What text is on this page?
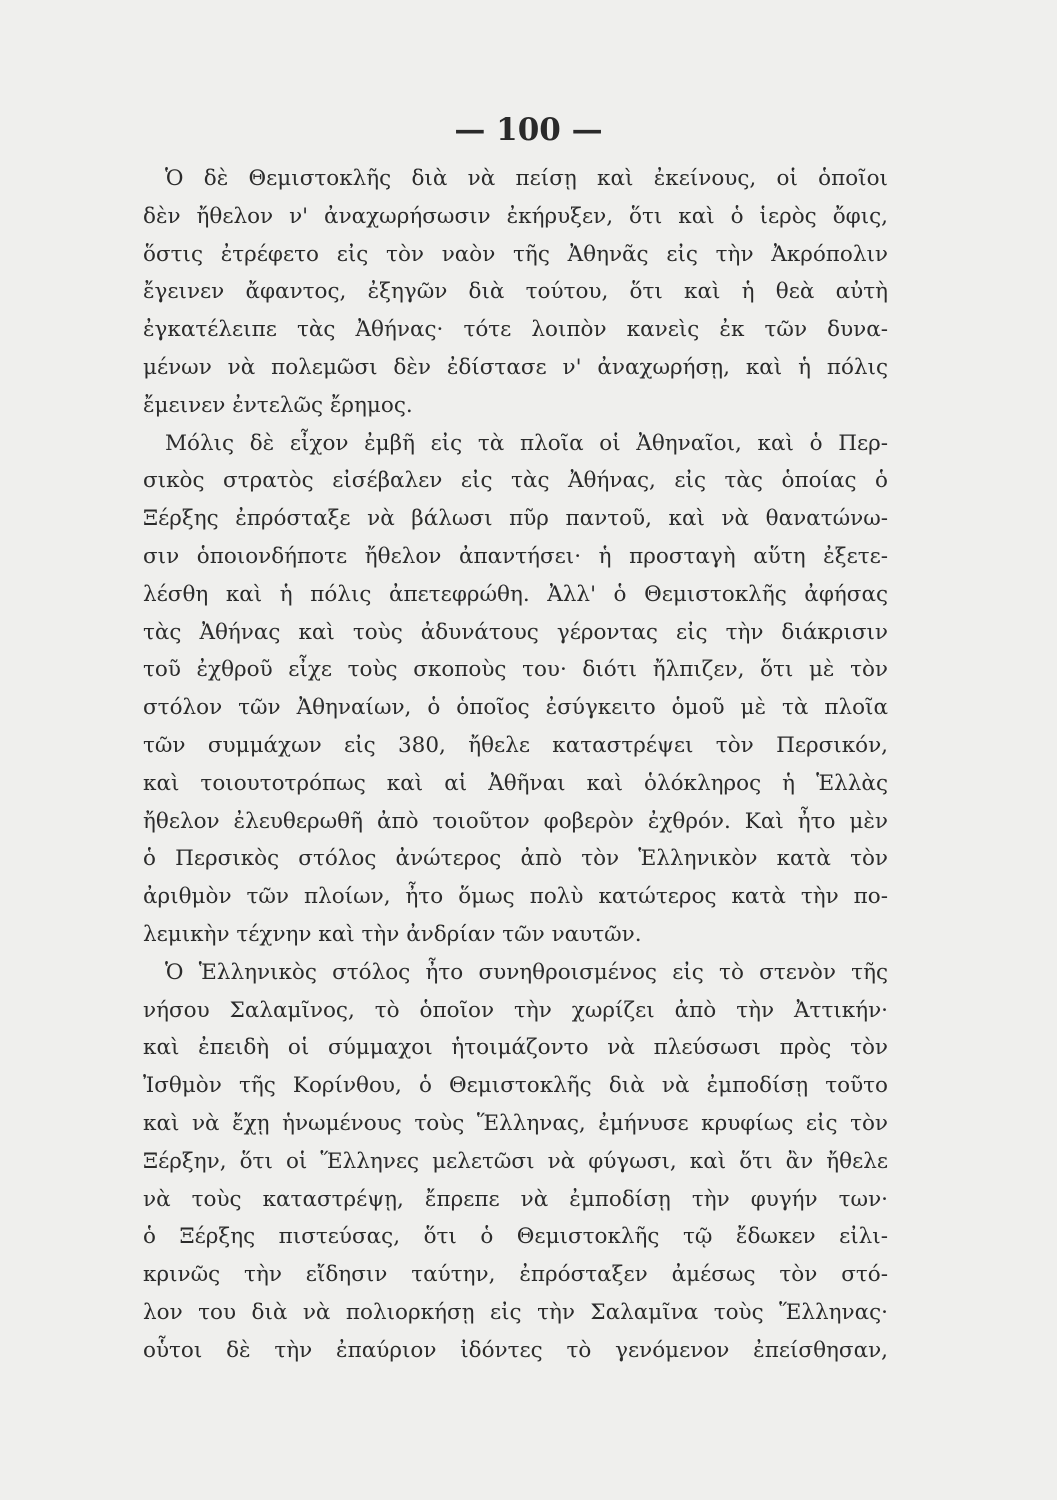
— 100 —
Ὁ δὲ Θεμιστοκλῆς διὰ νὰ πείσῃ καὶ ἐκείνους, οἱ ὁποῖοι
δὲν ἤθελον ν' ἀναχωρήσωσιν ἐκήρυξεν, ὅτι καὶ ὁ ἱερὸς ὄφις,
ὅστις ἐτρέφετο εἰς τὸν ναὸν τῆς Ἀθηνᾶς εἰς τὴν Ἀκρόπολιν
ἔγεινεν ἄφαντος, ἐξηγῶν διὰ τούτου, ὅτι καὶ ἡ θεὰ αὐτὴ
ἐγκατέλειπε τὰς Ἀθήνας· τότε λοιπὸν κανεὶς ἐκ τῶν δυνα-
μένων νὰ πολεμῶσι δὲν ἐδίστασε ν' ἀναχωρήσῃ, καὶ ἡ πόλις
ἔμεινεν ἐντελῶς ἔρημος.
Μόλις δὲ εἶχον ἐμβῆ εἰς τὰ πλοῖα οἱ Ἀθηναῖοι, καὶ ὁ Περ-
σικὸς στρατὸς εἰσέβαλεν εἰς τὰς Ἀθήνας, εἰς τὰς ὁποίας ὁ
Ξέρξης ἐπρόσταξε νὰ βάλωσι πῦρ παντοῦ, καὶ νὰ θανατώνω-
σιν ὁποιονδήποτε ἤθελον ἀπαντήσει· ἡ προσταγὴ αὕτη ἐξετε-
λέσθη καὶ ἡ πόλις ἀπετεφρώθη. Ἀλλ' ὁ Θεμιστοκλῆς ἀφήσας
τὰς Ἀθήνας καὶ τοὺς ἀδυνάτους γέροντας εἰς τὴν διάκρισιν
τοῦ ἐχθροῦ εἶχε τοὺς σκοποὺς του· διότι ἤλπιζεν, ὅτι μὲ τὸν
στόλον τῶν Ἀθηναίων, ὁ ὁποῖος ἐσύγκειτο ὁμοῦ μὲ τὰ πλοῖα
τῶν συμμάχων εἰς 380, ἤθελε καταστρέψει τὸν Περσικόν,
καὶ τοιουτοτρόπως καὶ αἱ Ἀθῆναι καὶ ὁλόκληρος ἡ Ἑλλὰς
ἤθελον ἐλευθερωθῆ ἀπὸ τοιοῦτον φοβερὸν ἐχθρόν. Καὶ ἦτο μὲν
ὁ Περσικὸς στόλος ἀνώτερος ἀπὸ τὸν Ἑλληνικὸν κατὰ τὸν
ἀριθμὸν τῶν πλοίων, ἦτο ὅμως πολὺ κατώτερος κατὰ τὴν πο-
λεμικὴν τέχνην καὶ τὴν ἀνδρίαν τῶν ναυτῶν.
Ὁ Ἑλληνικὸς στόλος ἦτο συνηθροισμένος εἰς τὸ στενὸν τῆς
νήσου Σαλαμῖνος, τὸ ὁποῖον τὴν χωρίζει ἀπὸ τὴν Ἀττικήν·
καὶ ἐπειδὴ οἱ σύμμαχοι ἡτοιμάζοντο νὰ πλεύσωσι πρὸς τὸν
Ἰσθμὸν τῆς Κορίνθου, ὁ Θεμιστοκλῆς διὰ νὰ ἐμποδίσῃ τοῦτο
καὶ νὰ ἔχῃ ἡνωμένους τοὺς Ἕλληνας, ἐμήνυσε κρυφίως εἰς τὸν
Ξέρξην, ὅτι οἱ Ἕλληνες μελετῶσι νὰ φύγωσι, καὶ ὅτι ἂν ἤθελε
νὰ τοὺς καταστρέψῃ, ἔπρεπε νὰ ἐμποδίσῃ τὴν φυγήν των·
ὁ Ξέρξης πιστεύσας, ὅτι ὁ Θεμιστοκλῆς τῷ ἔδωκεν εἰλι-
κρινῶς τὴν εἴδησιν ταύτην, ἐπρόσταξεν ἀμέσως τὸν στό-
λον του διὰ νὰ πολιορκήσῃ εἰς τὴν Σαλαμῖνα τοὺς Ἕλληνας·
οὗτοι δὲ τὴν ἐπαύριον ἰδόντες τὸ γενόμενον ἐπείσθησαν,
